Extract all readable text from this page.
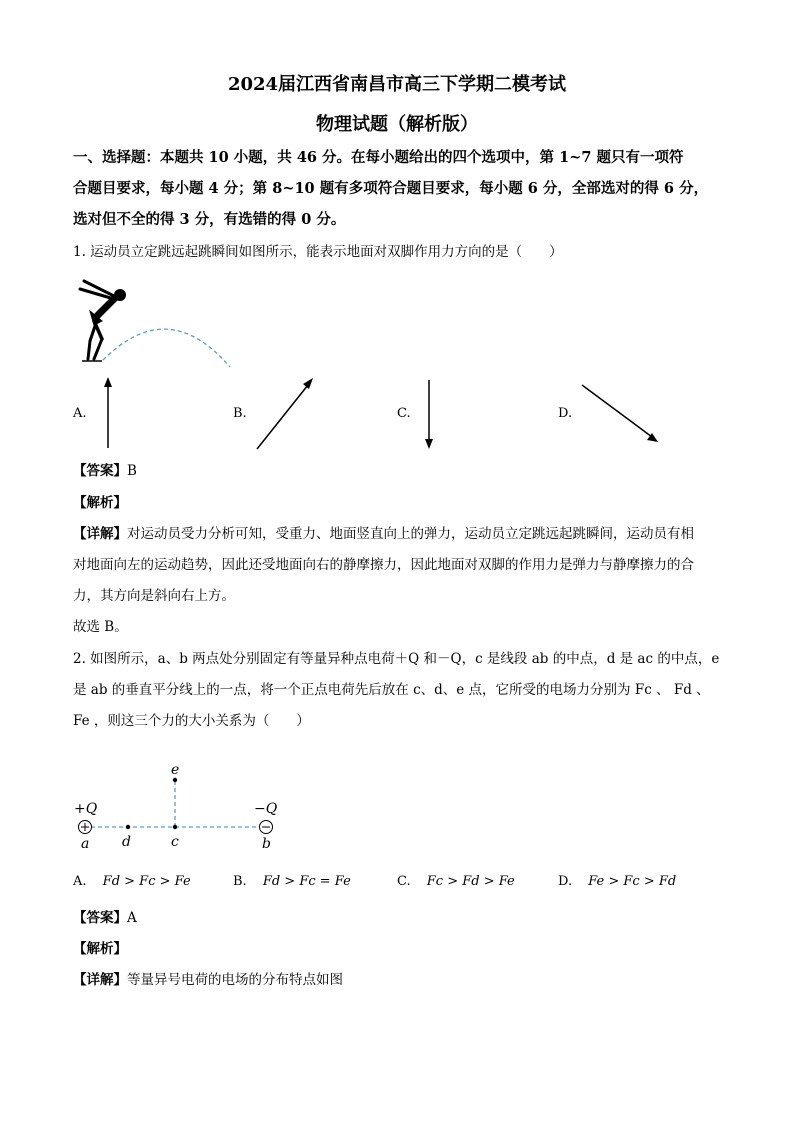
2024届江西省南昌市高三下学期二模考试
物理试题（解析版）
一、选择题：本题共 10 小题，共 46 分。在每小题给出的四个选项中，第 1~7 题只有一项符
合题目要求，每小题 4 分；第 8~10 题有多项符合题目要求，每小题 6 分，全部选对的得 6 分，
选对但不全的得 3 分，有选错的得 0 分。
1. 运动员立定跳远起跳瞬间如图所示，能表示地面对双脚作用力方向的是（　　）
A.	B.	C.	D.
【答案】B
【解析】
【详解】对运动员受力分析可知，受重力、地面竖直向上的弹力，运动员立定跳远起跳瞬间，运动员有相
对地面向左的运动趋势，因此还受地面向右的静摩擦力，因此地面对双脚的作用力是弹力与静摩擦力的合
力，其方向是斜向右上方。
故选 B。
2. 如图所示，a、b 两点处分别固定有等量异种点电荷＋Q 和－Q，c 是线段 ab 的中点，d 是 ac 的中点，e
是 ab 的垂直平分线上的一点，将一个正点电荷先后放在 c、d、e 点，它所受的电场力分别为 Fc 、 Fd 、
Fe ，则这三个力的大小关系为（　　）
+Q	−Q
a d	c	b
e
A. Fd > Fc > Fe	B. Fd > Fc = Fe	C. Fc > Fd > Fe	D. Fe > Fc > Fd
【答案】A
【解析】
【详解】等量异号电荷的电场的分布特点如图
